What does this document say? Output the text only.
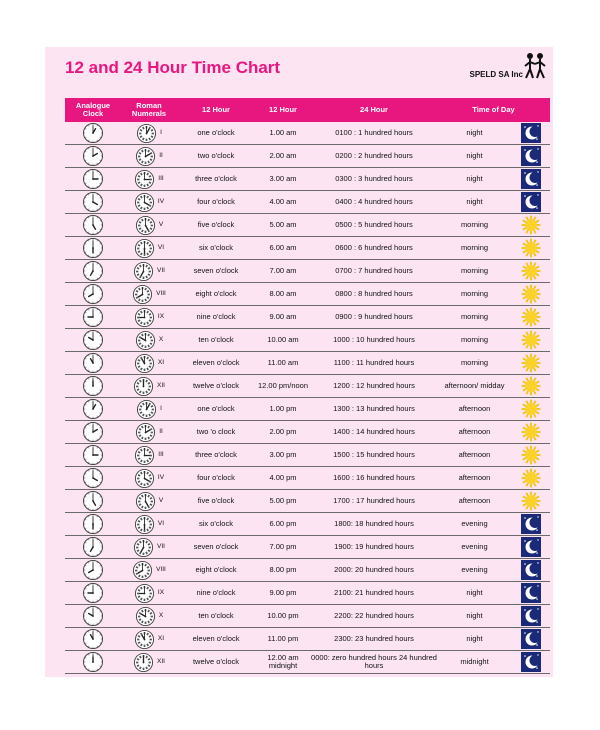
12 and 24 Hour Time Chart	SPELD SA Inc
Analogue Clock	Roman Numerals	12 Hour	12 Hour	24 Hour	Time of Day	
	I	one o'clock	1.00 am	0100 : 1 hundred hours	night	
	II	two o'clock	2.00 am	0200 : 2 hundred hours	night	
	III	three o'clock	3.00 am	0300 : 3 hundred hours	night	
	IV	four o'clock	4.00 am	0400 : 4 hundred hours	night	
	V	five o'clock	5.00 am	0500 : 5 hundred hours	morning	
	VI	six o'clock	6.00 am	0600 : 6 hundred hours	morning	
	VII	seven o'clock	7.00 am	0700 : 7 hundred hours	morning	
	VIII	eight o'clock	8.00 am	0800 : 8 hundred hours	morning	
	IX	nine o'clock	9.00 am	0900 : 9 hundred hours	morning	
	X	ten o'clock	10.00 am	1000 : 10 hundred hours	morning	
	XI	eleven o'clock	11.00 am	1100 : 11 hundred hours	morning	
	XII	twelve o'clock	12.00 pm/noon	1200 : 12 hundred hours	afternoon/ midday	
	I	one o'clock	1.00 pm	1300 : 13 hundred hours	afternoon	
	II	two 'o clock	2.00 pm	1400 : 14 hundred hours	afternoon	
	III	three o'clock	3.00 pm	1500 : 15 hundred hours	afternoon	
	IV	four o'clock	4.00 pm	1600 : 16 hundred hours	afternoon	
	V	five o'clock	5.00 pm	1700 : 17 hundred hours	afternoon	
	VI	six o'clock	6.00 pm	1800: 18 hundred hours	evening	
	VII	seven o'clock	7.00 pm	1900: 19 hundred hours	evening	
	VIII	eight o'clock	8.00 pm	2000: 20 hundred hours	evening	
	IX	nine o'clock	9.00 pm	2100: 21 hundred hours	night	
	X	ten o'clock	10.00 pm	2200: 22 hundred hours	night	
	XI	eleven o'clock	11.00 pm	2300: 23 hundred hours	night	
	XII	twelve o'clock	12.00 am midnight	0000: zero hundred hours 24 hundred hours	midnight	
